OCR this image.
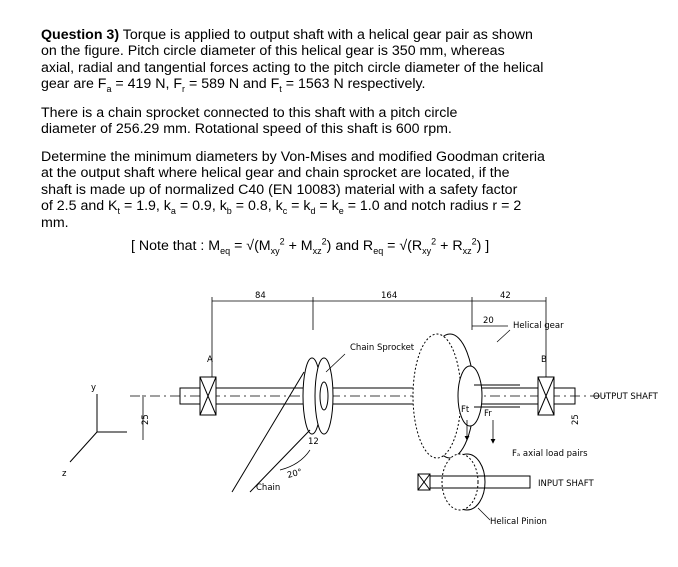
Question 3) Torque is applied to output shaft with a helical gear pair as shown
on the figure. Pitch circle diameter of this helical gear is 350 mm, whereas
axial, radial and tangential forces acting to the pitch circle diameter of the helical
gear are $F_a = 419$ N, $F_r = 589$ N and $F_t = 1563$ N respectively.
There is a chain sprocket connected to this shaft with a pitch circle
diameter of 256.29 mm. Rotational speed of this shaft is 600 rpm.
Determine the minimum diameters by Von-Mises and modified Goodman criteria
at the output shaft where helical gear and chain sprocket are located, if the
shaft is made up of normalized C40 (EN 10083) material with a safety factor
of 2.5 and $K_t = 1.9$, $k_a = 0.9$, $k_b = 0.8$, $k_c = k_d = k_e = 1.0$ and notch radius r = 2
mm.
[ Note that : $M_{eq} = √(M_{xy}^2 + M_{xz}^2)$ and $R_{eq} = √(R_{xy}^2 + R_{xz}^2)$ ]
y
z
84	164	42
20
12
25	25
A	B
Chain Sprocket
Chain
20°
Helical gear
OUTPUT SHAFT
Ft Fr
Fₐ axial load pairs
INPUT SHAFT
Helical Pinion
